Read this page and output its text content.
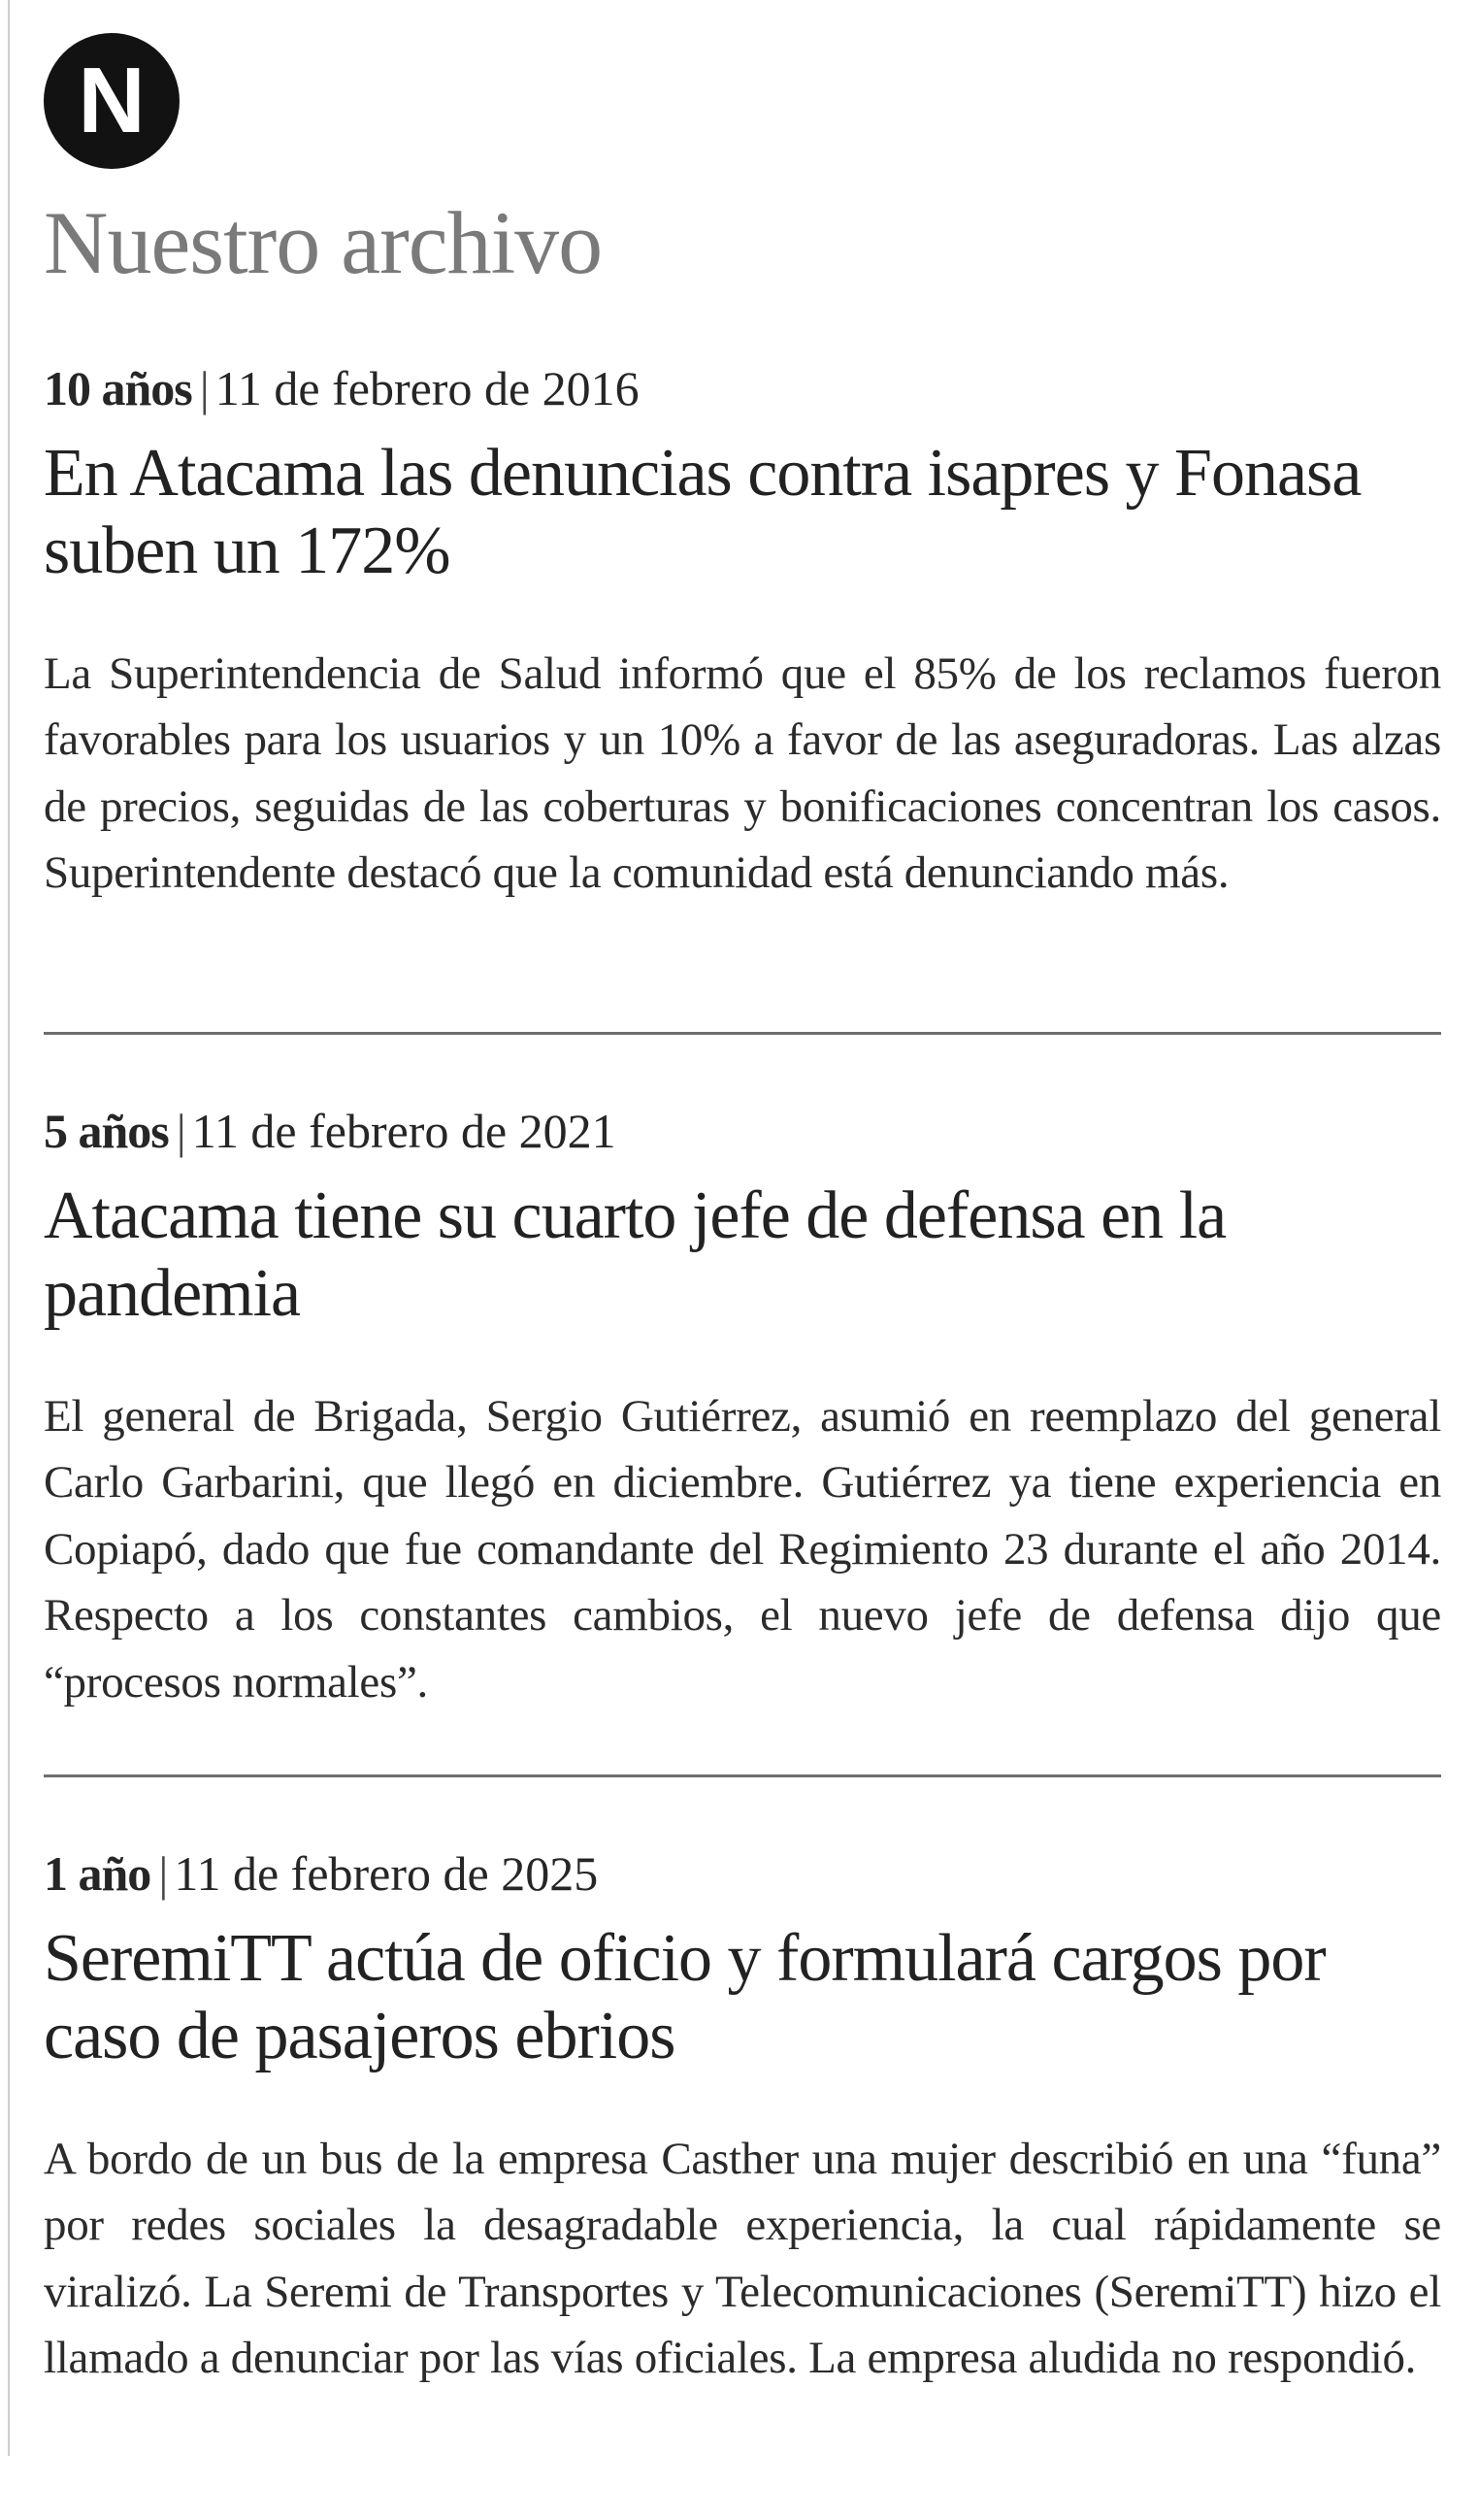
N
Nuestro archivo
10 años | 11 de febrero de 2016
En Atacama las denuncias contra isapres y Fonasa suben un 172%
La Superintendencia de Salud informó que el 85% de los reclamos fueron favorables para los usuarios y un 10% a favor de las aseguradoras. Las alzas de precios, seguidas de las coberturas y bonificaciones concentran los casos. Superintendente destacó que la comunidad está denunciando más.
5 años | 11 de febrero de 2021
Atacama tiene su cuarto jefe de defensa en la pandemia
El general de Brigada, Sergio Gutiérrez, asumió en reemplazo del general Carlo Garbarini, que llegó en diciembre. Gutiérrez ya tiene experiencia en Copiapó, dado que fue comandante del Regimiento 23 durante el año 2014. Respecto a los constantes cambios, el nuevo jefe de defensa dijo que “procesos normales”.
1 año | 11 de febrero de 2025
SeremiTT actúa de oficio y formulará cargos por caso de pasajeros ebrios
A bordo de un bus de la empresa Casther una mujer describió en una “funa” por redes sociales la desagradable experiencia, la cual rápidamente se viralizó. La Seremi de Transportes y Telecomunicaciones (SeremiTT) hizo el llamado a denunciar por las vías oficiales. La empresa aludida no respondió.
